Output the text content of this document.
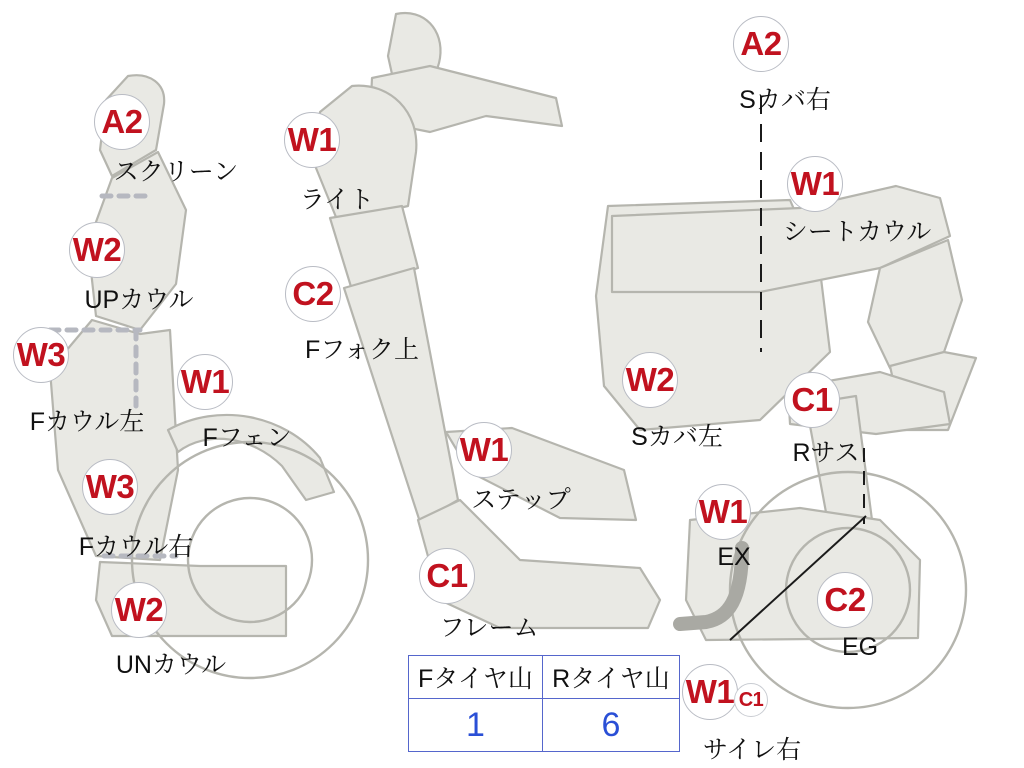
A2
スクリーン
W2
UPカウル
W3
Fカウル左
W3
Fカウル右
W2
UNカウル
W1
ライト
C2
Fフォク上
W1
Fフェン	W1
ステップ
C1
フレーム
A2
Sカバ右
W1
シートカウル
W2
Sカバ左
C1
Rサス
W1
EX
C2
EG
W1 C1
サイレ右
Fタイヤ山	Rタイヤ山
1	6
